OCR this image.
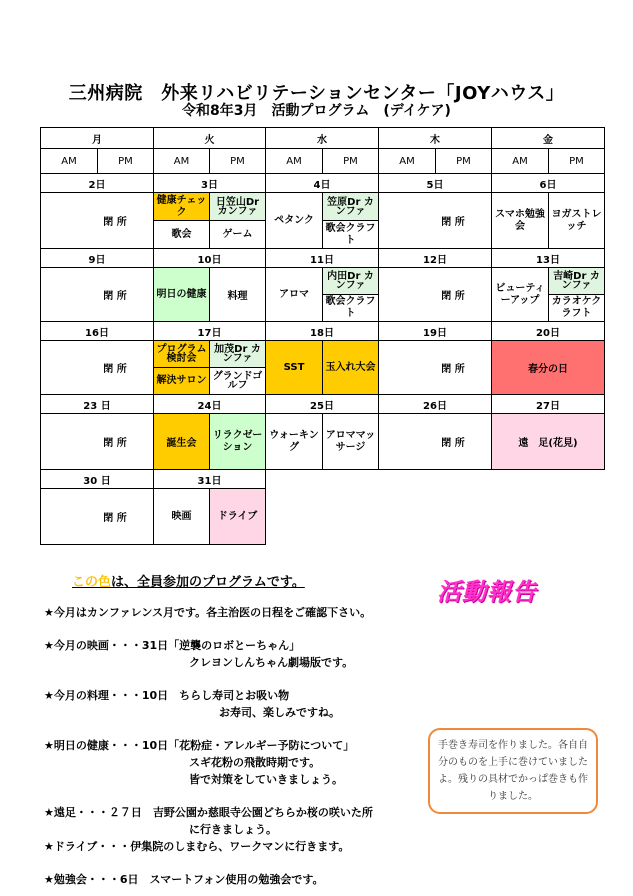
三州病院　外来リハビリテーションセンター「JOYハウス」
令和8年3月　活動プログラム　(デイケア)
月		火		水		木		金	
AM	PM	AM	PM	AM	PM	AM	PM	AM	PM
2日		3日		4日		5日		6日	
閉 所		健康チェック	日笠山Dr カンファ	ペタンク	笠原Dr カンファ	閉 所		スマホ勉強会	ヨガストレッチ
		歌会	ゲーム		歌会クラフト				
9日		10日		11日		12日		13日	
閉 所		明日の健康	料理	アロマ	内田Dr カンファ	閉 所		ビューティーアップ	吉崎Dr カンファ
					歌会クラフト				カラオケクラフト
16日		17日		18日		19日		20日	
閉 所		プログラム検討会	加茂Dr カンファ	SST	玉入れ大会	閉 所		春分の日	
		解決サロン	グランドゴルフ						
23 日		24日		25日		26日		27日	
閉 所		誕生会	リラクゼーション	ウォーキング	アロママッサージ	閉 所		遠　足(花見)	
30 日		31日							
閉 所		映画	ドライブ						
この色は、全員参加のプログラムです。	活動報告

★今月はカンファレンス月です。各主治医の日程をご確認下さい。

★今月の映画・・・31日「逆襲のロボとーちゃん」

クレヨンしんちゃん劇場版です。

★今月の料理・・・10日　ちらし寿司とお吸い物

お寿司、楽しみですね。

★明日の健康・・・10日「花粉症・アレルギー予防について」

スギ花粉の飛散時期です。

皆で対策をしていきましょう。

★遠足・・・２７日　吉野公園か慈眼寺公園どちらか桜の咲いた所

に行きましょう。

★ドライブ・・・伊集院のしまむら、ワークマンに行きます。

★勉強会・・・6日　スマートフォン使用の勉強会です。

手巻き寿司を作りました。各自自分のものを上手に巻けていましたよ。残りの具材でかっぱ巻きも作りました。
